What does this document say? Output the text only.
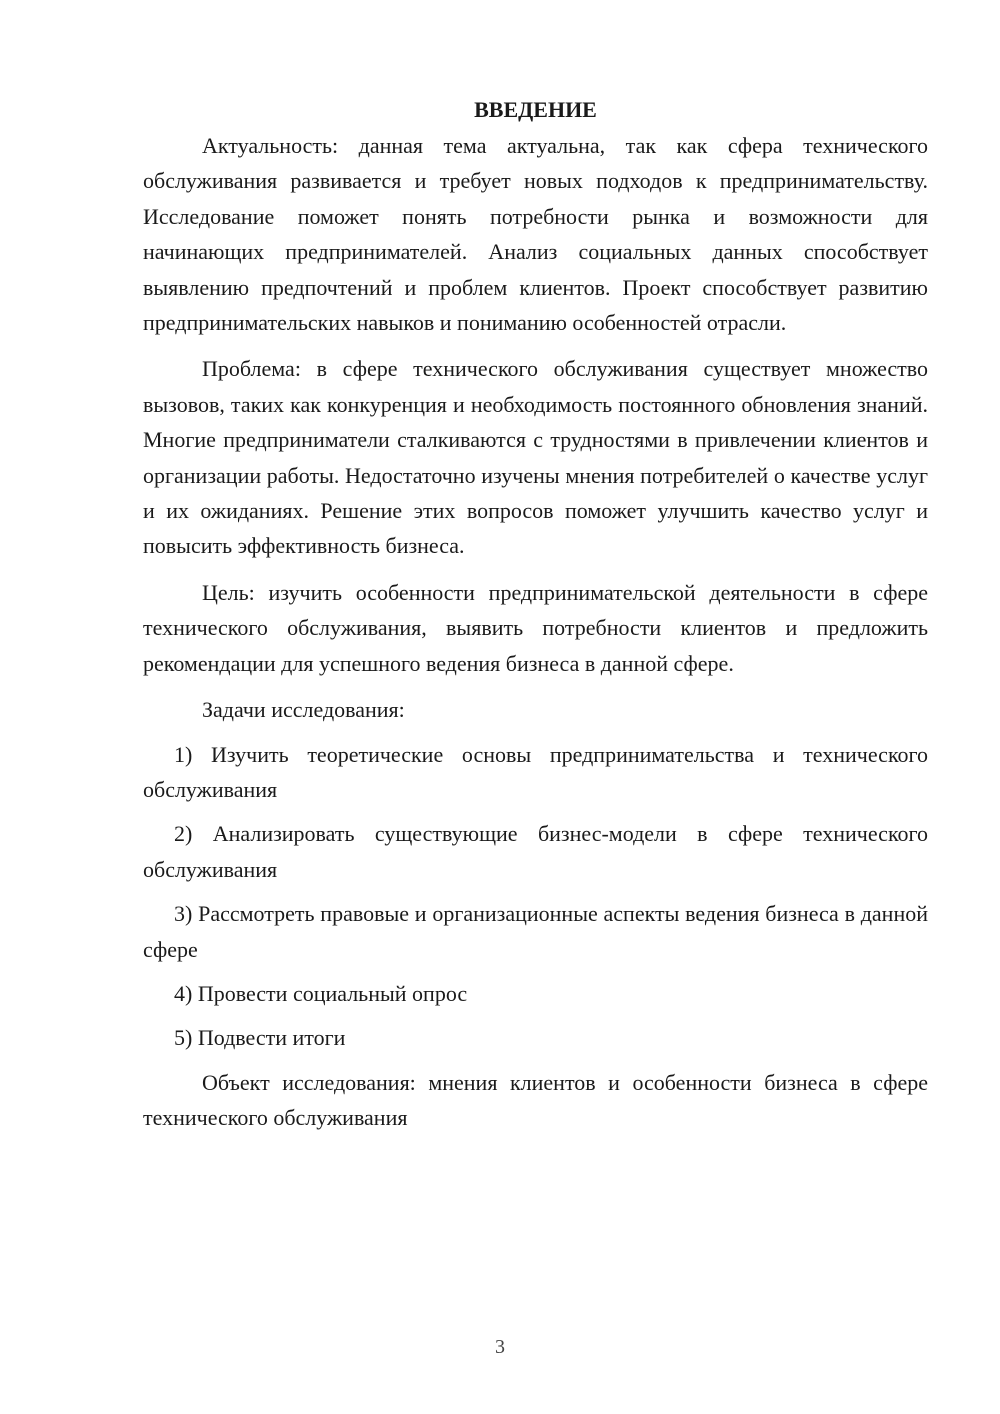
ВВЕДЕНИЕ

Актуальность: данная тема актуальна, так как сфера технического обслуживания развивается и требует новых подходов к предпринимательству. Исследование поможет понять потребности рынка и возможности для начинающих предпринимателей. Анализ социальных данных способствует выявлению предпочтений и проблем клиентов. Проект способствует развитию предпринимательских навыков и пониманию особенностей отрасли.

Проблема: в сфере технического обслуживания существует множество вызовов, таких как конкуренция и необходимость постоянного обновления знаний. Многие предприниматели сталкиваются с трудностями в привлечении клиентов и организации работы. Недостаточно изучены мнения потребителей о качестве услуг и их ожиданиях. Решение этих вопросов поможет улучшить качество услуг и повысить эффективность бизнеса.

Цель: изучить особенности предпринимательской деятельности в сфере технического обслуживания, выявить потребности клиентов и предложить рекомендации для успешного ведения бизнеса в данной сфере.

Задачи исследования:

1) Изучить теоретические основы предпринимательства и технического обслуживания

2) Анализировать существующие бизнес-модели в сфере технического обслуживания

3) Рассмотреть правовые и организационные аспекты ведения бизнеса в данной сфере

4) Провести социальный опрос

5) Подвести итоги

Объект исследования: мнения клиентов и особенности бизнеса в сфере технического обслуживания

3
